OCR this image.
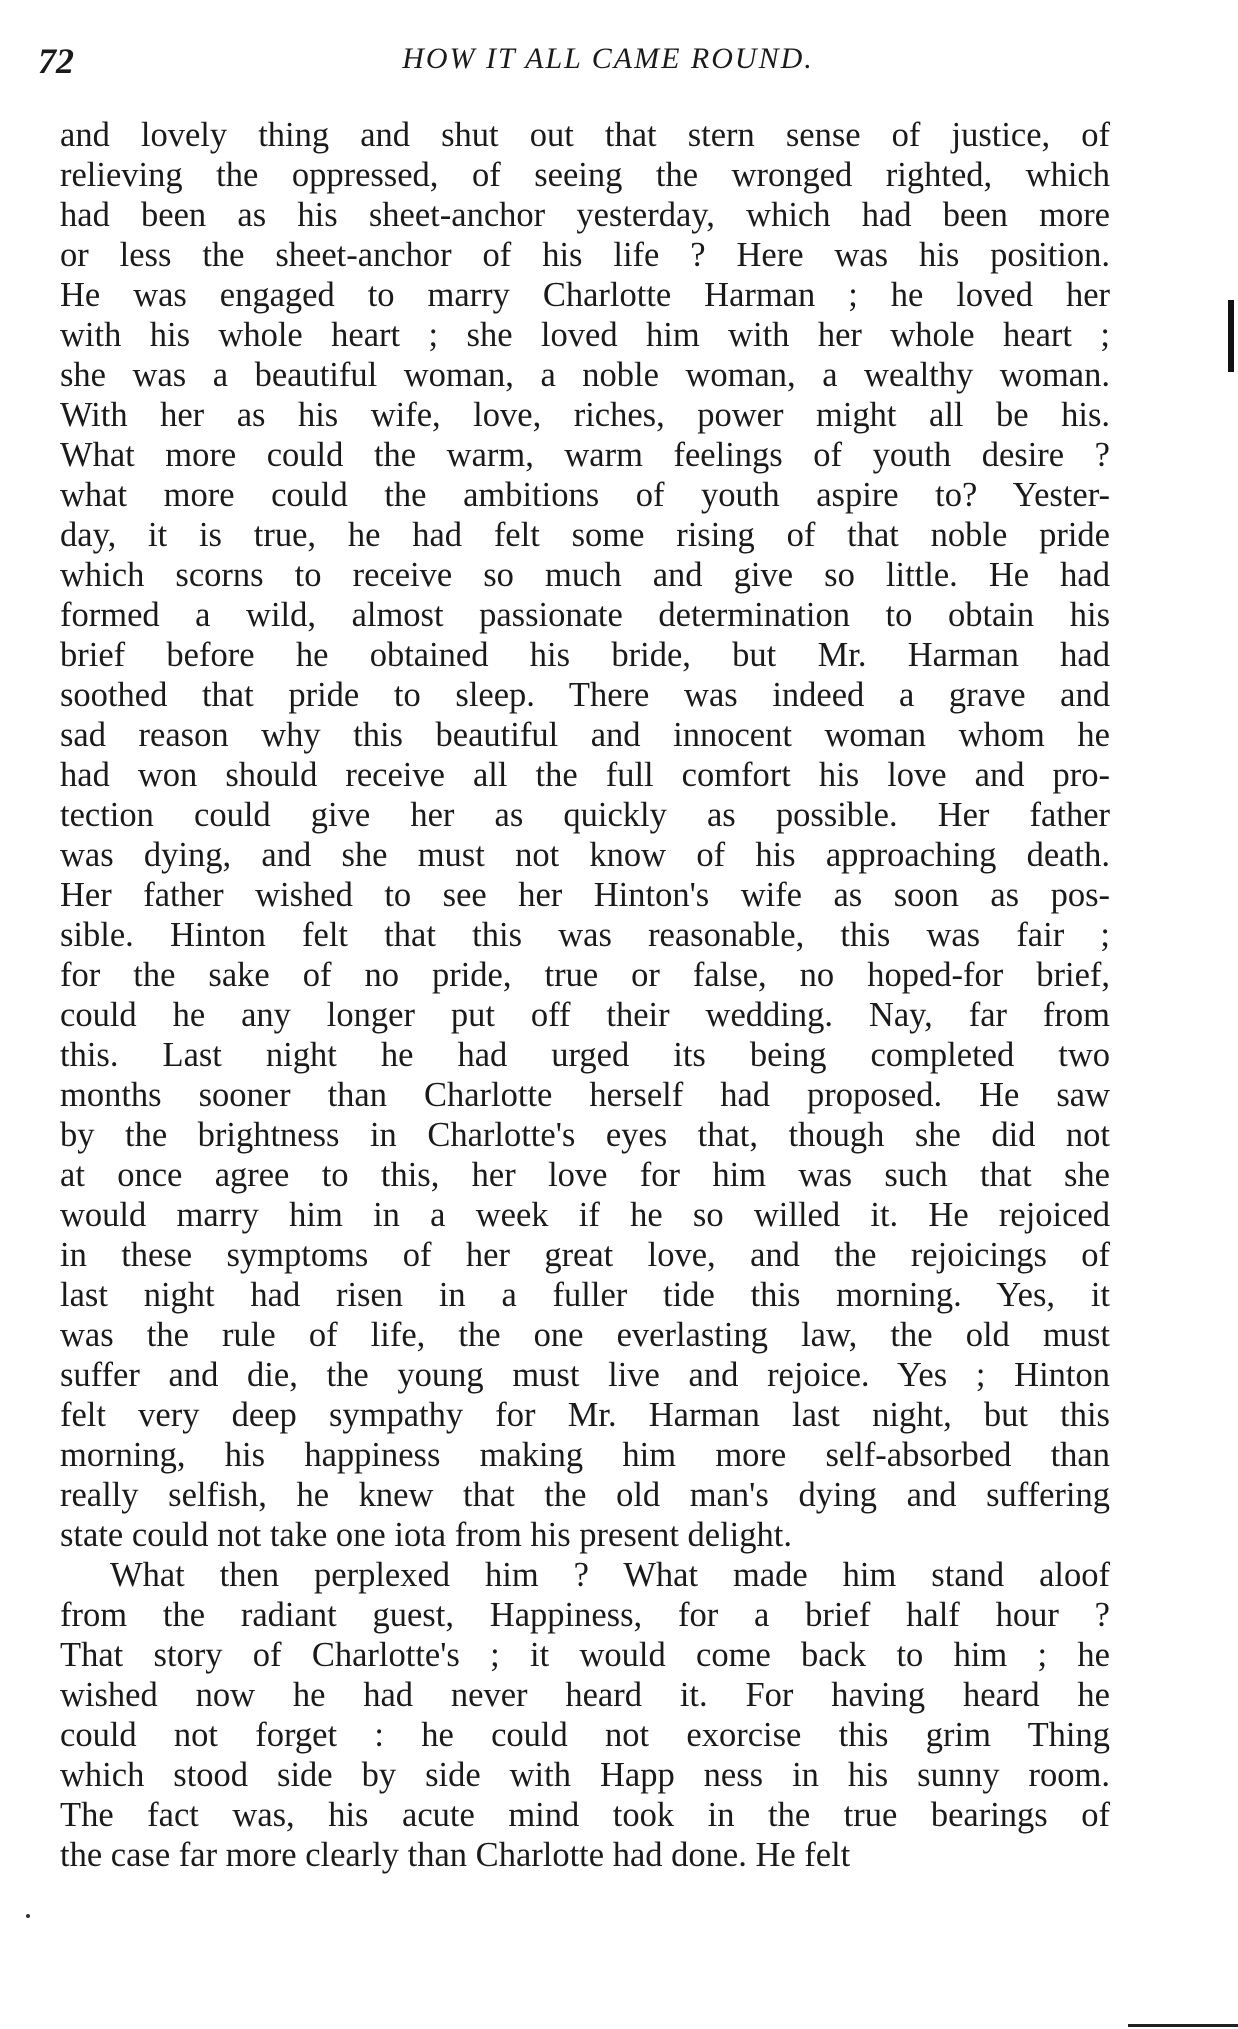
72	HOW IT ALL CAME ROUND.
and lovely thing and shut out that stern sense of justice, of
relieving the oppressed, of seeing the wronged righted, which
had been as his sheet-anchor yesterday, which had been more
or less the sheet-anchor of his life ? Here was his position.
He was engaged to marry Charlotte Harman ; he loved her
with his whole heart ; she loved him with her whole heart ;
she was a beautiful woman, a noble woman, a wealthy woman.
With her as his wife, love, riches, power might all be his.
What more could the warm, warm feelings of youth desire ?
what more could the ambitions of youth aspire to? Yester-
day, it is true, he had felt some rising of that noble pride
which scorns to receive so much and give so little. He had
formed a wild, almost passionate determination to obtain his
brief before he obtained his bride, but Mr. Harman had
soothed that pride to sleep. There was indeed a grave and
sad reason why this beautiful and innocent woman whom he
had won should receive all the full comfort his love and pro-
tection could give her as quickly as possible. Her father
was dying, and she must not know of his approaching death.
Her father wished to see her Hinton's wife as soon as pos-
sible. Hinton felt that this was reasonable, this was fair ;
for the sake of no pride, true or false, no hoped-for brief,
could he any longer put off their wedding. Nay, far from
this. Last night he had urged its being completed two
months sooner than Charlotte herself had proposed. He saw
by the brightness in Charlotte's eyes that, though she did not
at once agree to this, her love for him was such that she
would marry him in a week if he so willed it. He rejoiced
in these symptoms of her great love, and the rejoicings of
last night had risen in a fuller tide this morning. Yes, it
was the rule of life, the one everlasting law, the old must
suffer and die, the young must live and rejoice. Yes ; Hinton
felt very deep sympathy for Mr. Harman last night, but this
morning, his happiness making him more self-absorbed than
really selfish, he knew that the old man's dying and suffering
state could not take one iota from his present delight.
What then perplexed him ? What made him stand aloof
from the radiant guest, Happiness, for a brief half hour ?
That story of Charlotte's ; it would come back to him ; he
wished now he had never heard it. For having heard he
could not forget : he could not exorcise this grim Thing
which stood side by side with Happ ness in his sunny room.
The fact was, his acute mind took in the true bearings of
the case far more clearly than Charlotte had done. He felt
